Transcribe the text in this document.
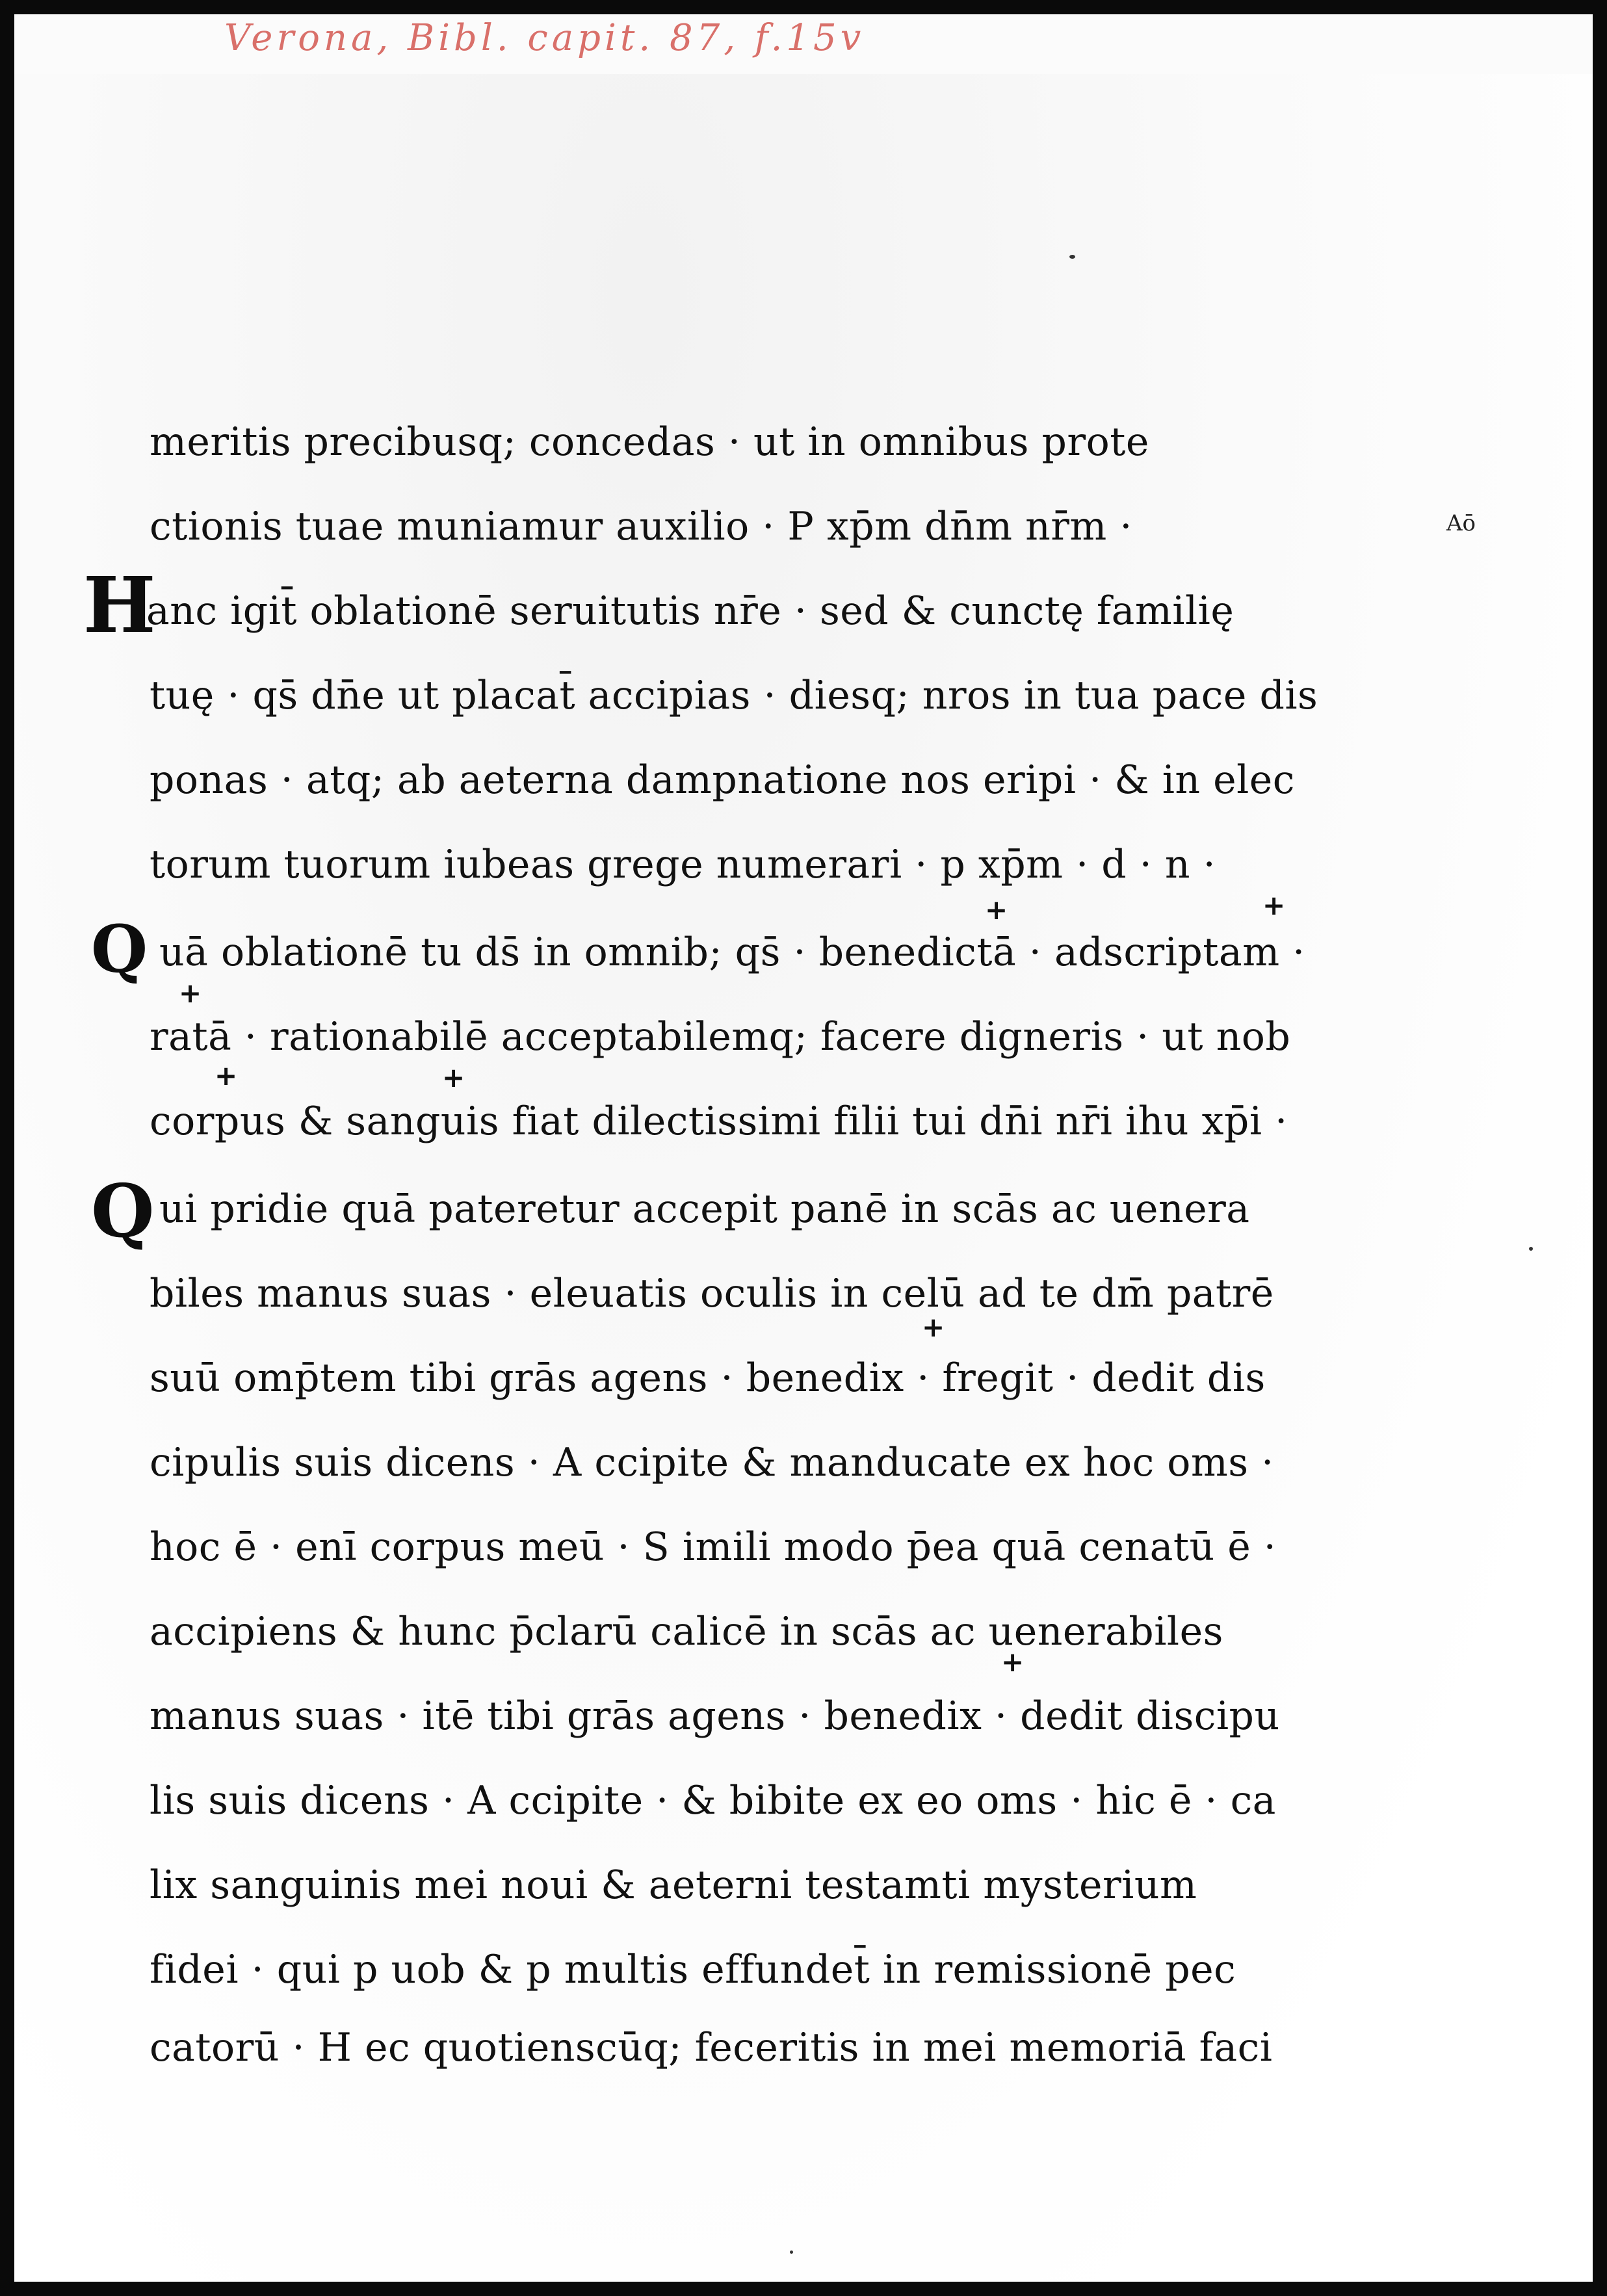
Verona, Bibl. capit. 87, f.15v
meritis precibusq; concedas · ut in omnibus prote
ctionis tuae muniamur auxilio · P xp̄m dn̄m nr̄m ·	Aō
H
anc igit̄ oblationē seruitutis nr̄e · sed & cunctę familię
tuę · qs̄ dn̄e ut placat̄ accipias · diesq; nros in tua pace dis
ponas · atq; ab aeterna dampnatione nos eripi · & in elec
torum tuorum iubeas grege numerari · p xp̄m · d · n ·
+	+
Q uā oblationē tu ds̄ in omnib; qs̄ · benedictā · adscriptam ·
+
ratā · rationabilē acceptabilemq; facere digneris · ut nob
+	+
corpus & sanguis fiat dilectissimi filii tui dn̄i nr̄i ihu xp̄i ·
Q ui pridie quā pateretur accepit panē in scās ac uenera
biles manus suas · eleuatis oculis in celū ad te dm̄ patrē
+
suū omp̄tem tibi grās agens · benedix · fregit · dedit dis
cipulis suis dicens · A ccipite & manducate ex hoc oms ·
hoc ē · enī corpus meū · S imili modo p̄ea quā cenatū ē ·
accipiens & hunc p̄clarū calicē in scās ac uenerabiles
+
manus suas · itē tibi grās agens · benedix · dedit discipu
lis suis dicens · A ccipite · & bibite ex eo oms · hic ē · ca
lix sanguinis mei noui & aeterni testamti mysterium
fidei · qui p uob & p multis effundet̄ in remissionē pec
catorū · H ec quotienscūq; feceritis in mei memoriā faci
